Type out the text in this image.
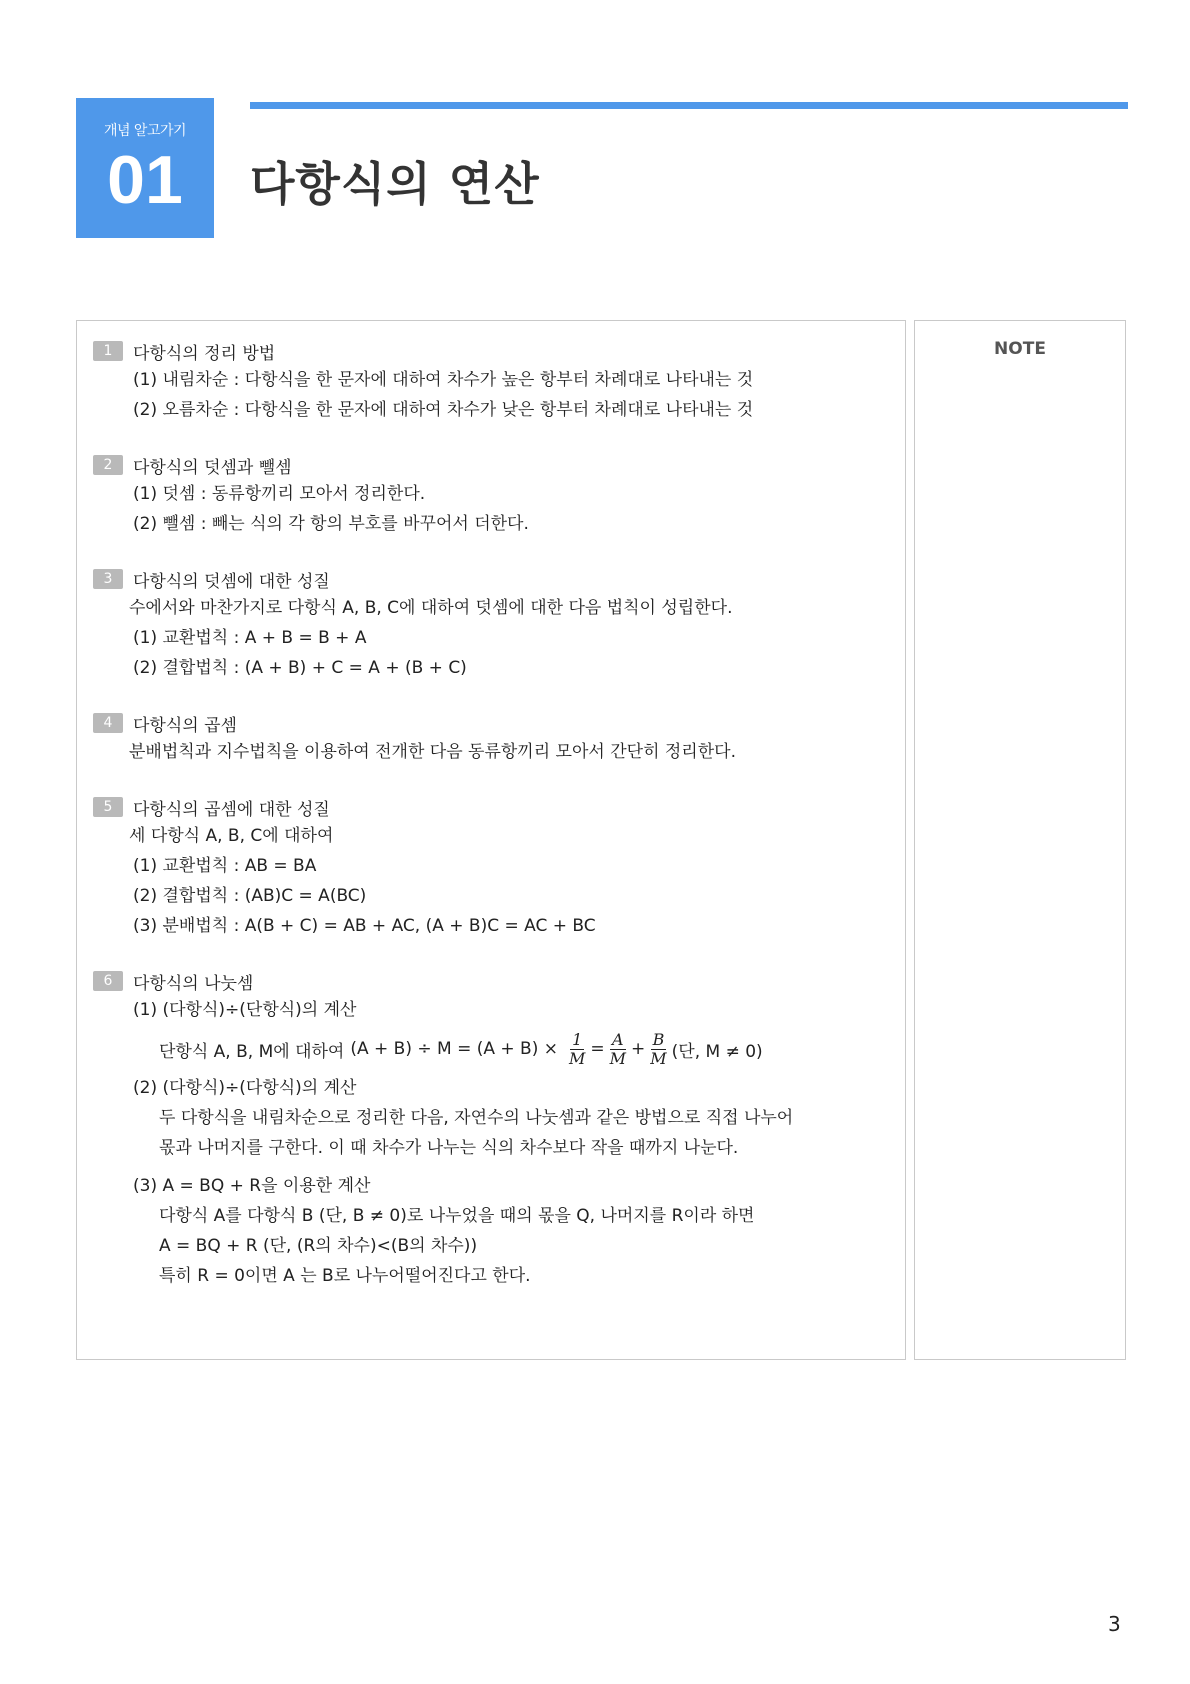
개념 알고가기
01	다항식의 연산
1	다항식의 정리 방법
(1) 내림차순 : 다항식을 한 문자에 대하여 차수가 높은 항부터 차례대로 나타내는 것
(2) 오름차순 : 다항식을 한 문자에 대하여 차수가 낮은 항부터 차례대로 나타내는 것
2	다항식의 덧셈과 뺄셈
(1) 덧셈 : 동류항끼리 모아서 정리한다.
(2) 뺄셈 : 빼는 식의 각 항의 부호를 바꾸어서 더한다.
3	다항식의 덧셈에 대한 성질
수에서와 마찬가지로 다항식 A, B, C에 대하여 덧셈에 대한 다음 법칙이 성립한다.
(1) 교환법칙 : A + B = B + A
(2) 결합법칙 : (A + B) + C = A + (B + C)
4	다항식의 곱셈
분배법칙과 지수법칙을 이용하여 전개한 다음 동류항끼리 모아서 간단히 정리한다.
5	다항식의 곱셈에 대한 성질
세 다항식 A, B, C에 대하여
(1) 교환법칙 : AB = BA
(2) 결합법칙 : (AB)C = A(BC)
(3) 분배법칙 : A(B + C) = AB + AC, (A + B)C = AC + BC
6	다항식의 나눗셈
(1) (다항식)÷(단항식)의 계산
단항식 A, B, M에 대하여 $(A + B) \div M = (A + B) \times \frac{1}{M} = \frac{A}{M} + \frac{B}{M}$ (단, M ≠ 0)
(2) (다항식)÷(다항식)의 계산
두 다항식을 내림차순으로 정리한 다음, 자연수의 나눗셈과 같은 방법으로 직접 나누어
몫과 나머지를 구한다. 이 때 차수가 나누는 식의 차수보다 작을 때까지 나눈다.
(3) A = BQ + R을 이용한 계산
다항식 A를 다항식 B (단, B ≠ 0)로 나누었을 때의 몫을 Q, 나머지를 R이라 하면
A = BQ + R (단, (R의 차수)<(B의 차수))
특히 R = 0이면 A 는 B로 나누어떨어진다고 한다.
NOTE
3
